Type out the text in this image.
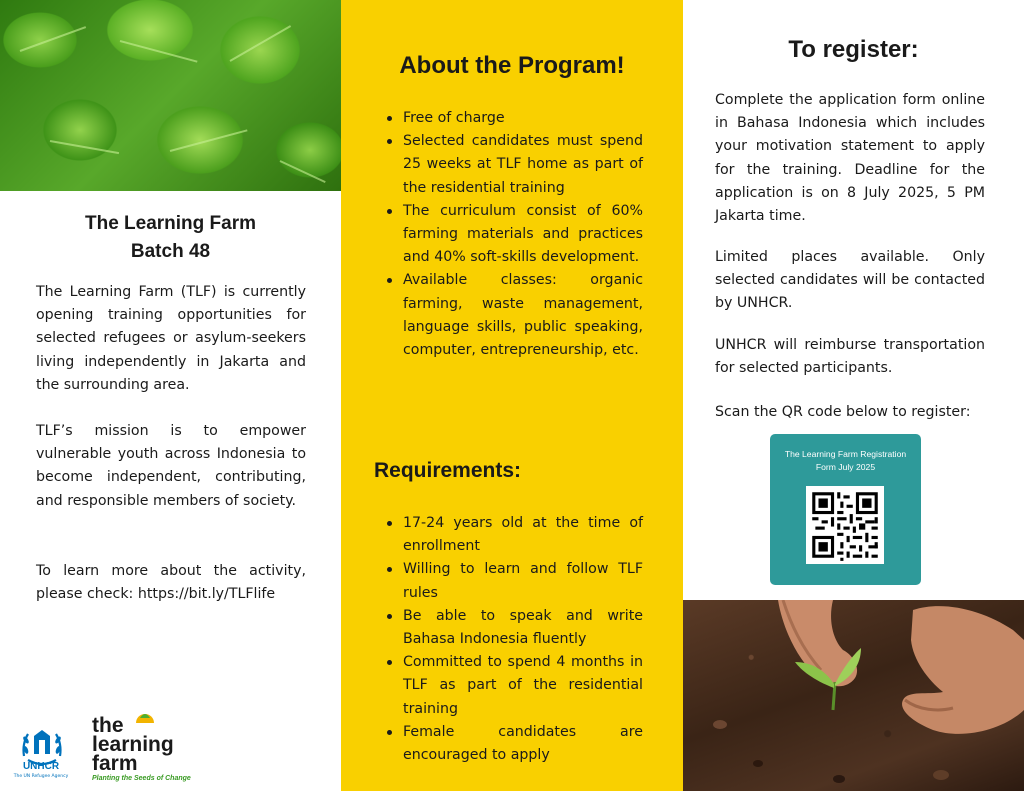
The Learning Farm
Batch 48

The Learning Farm (TLF) is currently opening training opportunities for selected refugees or asylum-seekers living independently in Jakarta and the surrounding area.

TLF’s mission is to empower vulnerable youth across Indonesia to become independent, contributing, and responsible members of society.

To learn more about the activity, please check: https://bit.ly/TLFlife

UNHCR
The UN Refugee Agency
the
learning
farm
Planting the Seeds of Change
About the Program!
Free of charge
Selected candidates must spend 25 weeks at TLF home as part of the residential training
The curriculum consist of 60% farming materials and practices and 40% soft-skills development.
Available classes: organic farming, waste management, language skills, public speaking, computer, entrepreneurship, etc.
Requirements:
17-24 years old at the time of enrollment
Willing to learn and follow TLF rules
Be able to speak and write Bahasa Indonesia fluently
Committed to spend 4 months in TLF as part of the residential training
Female candidates are encouraged to apply
To register:

Complete the application form online in Bahasa Indonesia which includes your motivation statement to apply for the training. Deadline for the application is on 8 July 2025, 5 PM Jakarta time.

Limited places available. Only selected candidates will be contacted by UNHCR.

UNHCR will reimburse transportation for selected participants.

Scan the QR code below to register:

The Learning Farm Registration Form July 2025
